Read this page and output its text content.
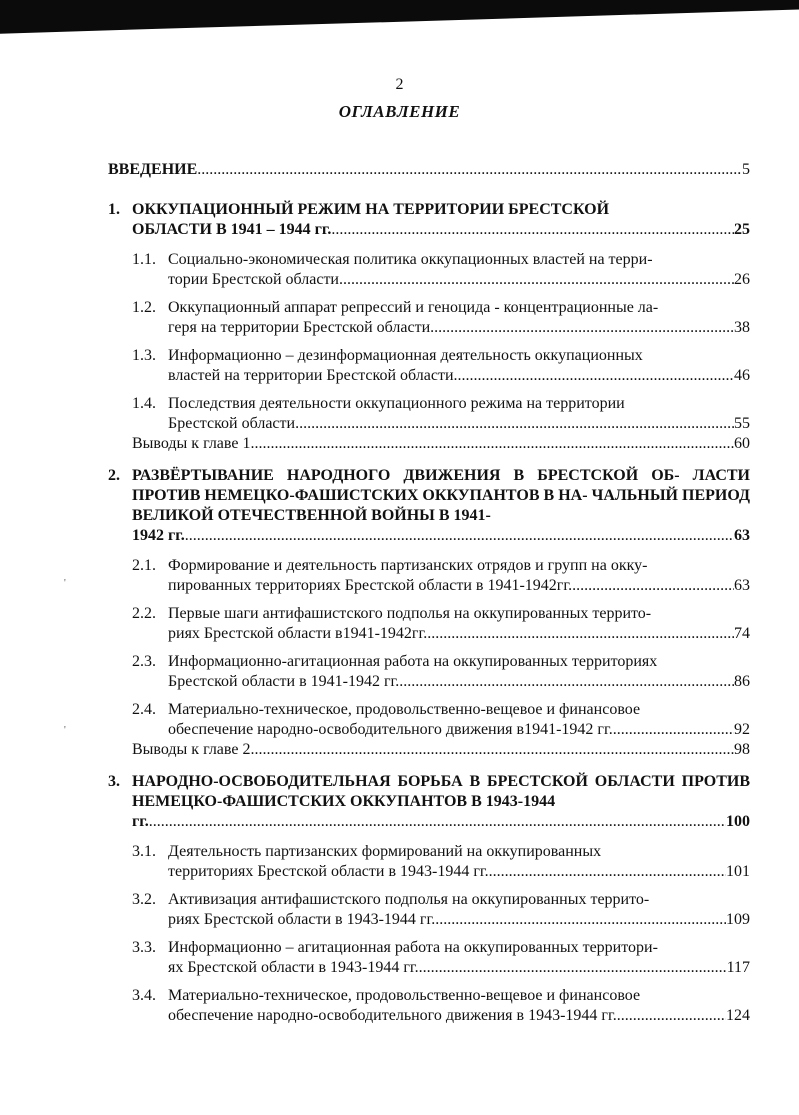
'
'
2
ОГЛАВЛЕНИЕ
ВВЕДЕНИЕ .....	5
1. ОККУПАЦИОННЫЙ РЕЖИМ НА ТЕРРИТОРИИ БРЕСТСКОЙ
ОБЛАСТИ В 1941 – 1944 гг. .....	25
1.1. Социально-экономическая политика оккупационных властей на терри-
тории Брестской области .....	26
1.2. Оккупационный аппарат репрессий и геноцида - концентрационные ла-
геря на территории Брестской области .....	38
1.3. Информационно – дезинформационная деятельность оккупационных
властей на территории Брестской области .....	46
1.4. Последствия деятельности оккупационного режима на территории
Брестской области .....	55
Выводы к главе 1 .....	60
2. РАЗВЁРТЫВАНИЕ НАРОДНОГО ДВИЖЕНИЯ В БРЕСТСКОЙ ОБ- ЛАСТИ ПРОТИВ НЕМЕЦКО-ФАШИСТСКИХ ОККУПАНТОВ В НА- ЧАЛЬНЫЙ ПЕРИОД ВЕЛИКОЙ ОТЕЧЕСТВЕННОЙ ВОЙНЫ В 1941-
1942 гг. .....	63
2.1. Формирование и деятельность партизанских отрядов и групп на окку-
пированных территориях Брестской области в 1941-1942гг. .....	63
2.2. Первые шаги антифашистского подполья на оккупированных террито-
риях Брестской области в1941-1942гг. .....	74
2.3. Информационно-агитационная работа на оккупированных территориях
Брестской области в 1941-1942 гг. .....	86
2.4. Материально-техническое, продовольственно-вещевое и финансовое
обеспечение народно-освободительного движения в1941-1942 гг. .....	92
Выводы к главе 2 .....	98
3. НАРОДНО-ОСВОБОДИТЕЛЬНАЯ БОРЬБА В БРЕСТСКОЙ ОБЛАСТИ ПРОТИВ НЕМЕЦКО-ФАШИСТСКИХ ОККУПАНТОВ В 1943-1944
гг. .....	100
3.1. Деятельность партизанских формирований на оккупированных
территориях Брестской области в 1943-1944 гг. .....	101
3.2. Активизация антифашистского подполья на оккупированных террито-
риях Брестской области в 1943-1944 гг. .....	109
3.3. Информационно – агитационная работа на оккупированных территори-
ях Брестской области в 1943-1944 гг. .....	117
3.4. Материально-техническое, продовольственно-вещевое и финансовое
обеспечение народно-освободительного движения в 1943-1944 гг. .....	124
